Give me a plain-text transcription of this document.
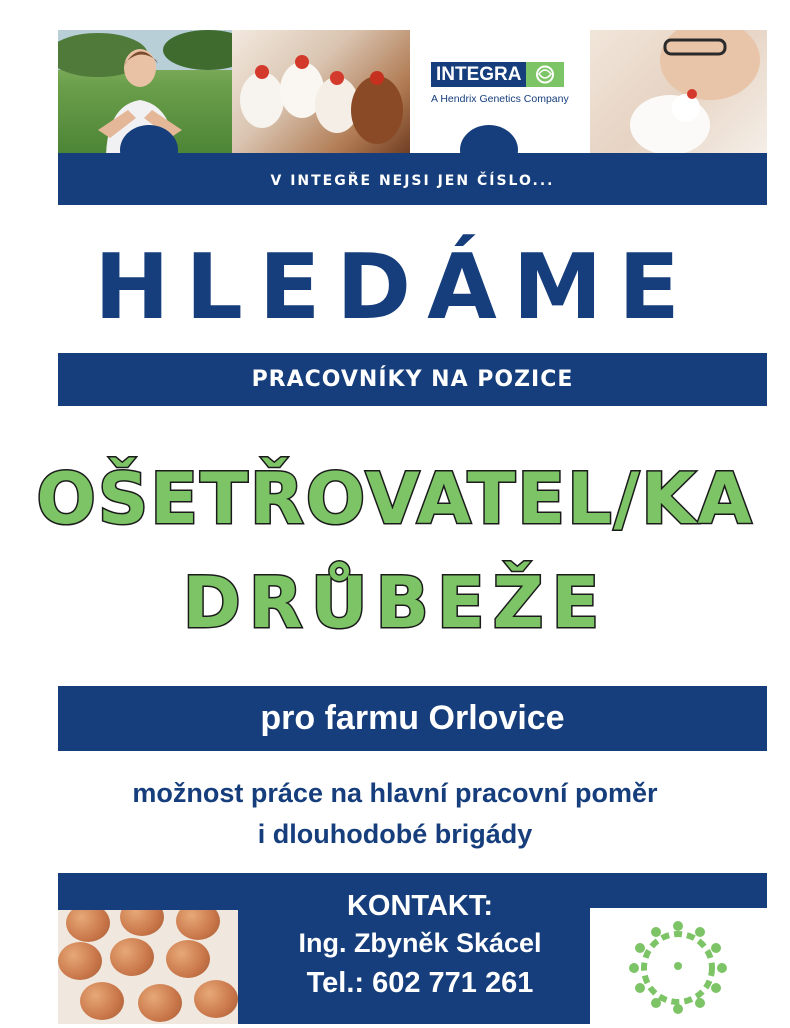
INTEGRA
A Hendrix Genetics Company
V INTEGŘE NEJSI JEN ČÍSLO...
HLEDÁME
PRACOVNÍKY NA POZICE
OŠETŘOVATEL/KA
DRŮBEŽE
pro farmu Orlovice
možnost práce na hlavní pracovní poměr
i dlouhodobé brigády
KONTAKT:
Ing. Zbyněk Skácel
Tel.: 602 771 261
